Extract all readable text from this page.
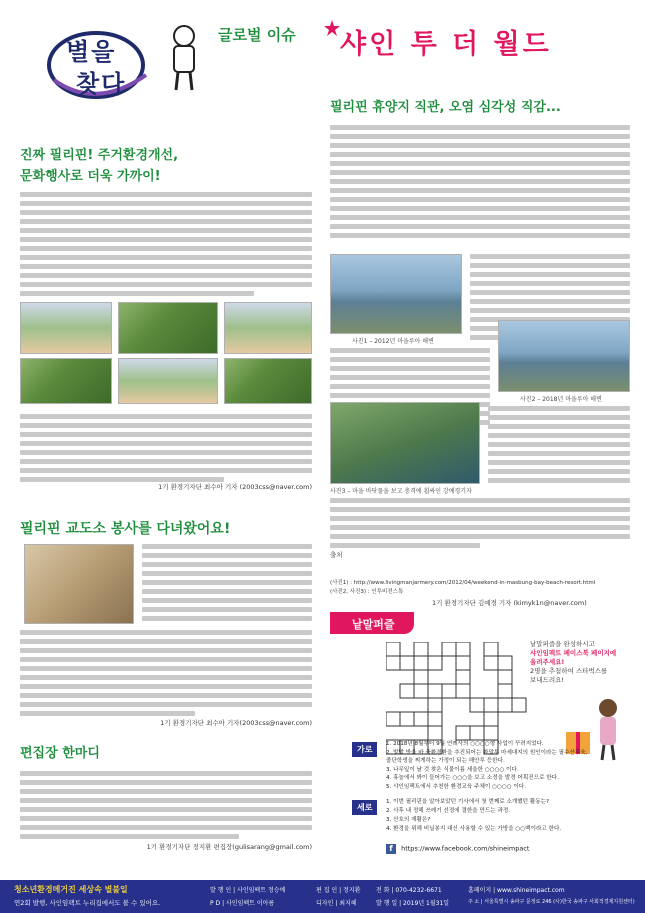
별을
찾다
글로벌 이슈 샤인 투 더 월드
진짜 필리핀! 주거환경개선,
문화행사로 더욱 가까이!
1기 환경기자단 최수아 기자 (2003css@naver.com)
필리핀 교도소 봉사를 다녀왔어요!
1기 환경기자단 최수아 기자(2003css@naver.com)
편집장 한마디
1기 환경기자단 정지환 편집장(gulisarang@gmail.com)
필리핀 휴양지 직관, 오염 심각성 직감...
사진1 – 2012년 마을루아 해변
사진2 – 2018년 마을루아 해변
사진3 – 마을 바닷물을 보고 충격에 휩싸인 강예경기자
출처
(사진1) : http://www.livingmanjarmery.com/2012/04/weekend-in-masbung-bay-beach-resort.html
(사진2, 사진3) : 인투비전스톡
1기 환경기자단 김예경 기자 (kimyk1n@naver.com)
낱말퍼즐
낱말퍼즐을 완성하시고
샤인임팩트 페이스북 페이지에
올려주세요!
2명을 추첨하여 스타벅스를
보내드려요!
가로
1. 2018년 8월부터 9월 연례사의 ○○○○형 사업이 꾸려지었다.
2. 발발 방을 바 축환경환을 추진되어는 환말투 마세대지의 원인이라는 필수산후육,
졸단학생을 찌게하는 가정이 되는 해안투 등한다.
3. 나무잎이 날 것 찾은 식물이름 세울한 ○○○○ 이다.
4. 휴놀에서 봐이 들어가는 ○○○을 보고 소정을 발경 어획진으로 한다.
5. 샤인임팩트에서 추천한 환경교육 주체이 ○○○○ 이다.
세로
1. 이번 필리핀을 알아보았던 기사에서 첫 번째로 소개했던 활동는?
2. 사후 내 정해 쓰레기 선정에 결한을 만드는 과정.
3. 산호의 재활은?
4. 환경을 위해 비닐봉지 대신 사용할 수 있는 가방을 ○○백이라고 한다.
f https://www.facebook.com/shineimpact
청소년환경메거진 세상속 별불일
연2회 발행, 사인임팩트 누리집에서도 볼 수 있어요.
발 행 인 | 사인임팩트 정승예
P D | 사인임팩트 이아름
편 집 인 | 정지환
디자인 | 최지혜
전 화 | 070-4232-6671
발 행 일 | 2019년 1월31일
홈페이지 | www.shineimpact.com
주 소 | 서울특별시 송파구 문정로 246 (사)한국 송파구 사회적경제지원센터)
